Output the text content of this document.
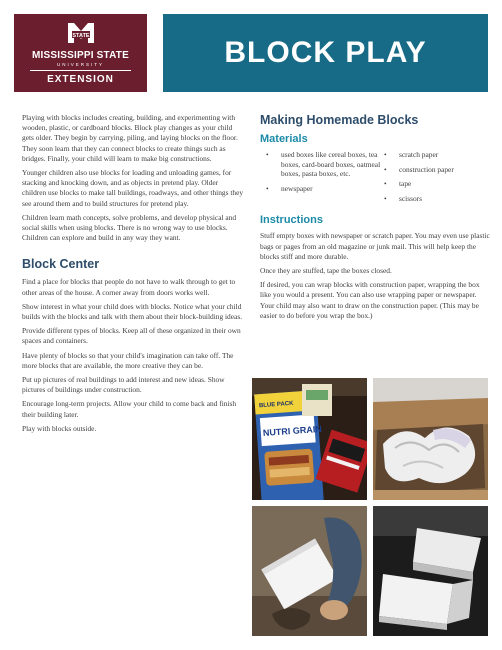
STATE
MISSISSIPPI STATE
UNIVERSITY
EXTENSION
BLOCK PLAY

Playing with blocks includes creating, building, and experimenting with wooden, plastic, or cardboard blocks. Block play changes as your child gets older. They begin by carrying, piling, and laying blocks on the floor. They soon learn that they can connect blocks to create things such as bridges. Finally, your child will learn to make big constructions.

Younger children also use blocks for loading and unloading games, for stacking and knocking down, and as objects in pretend play. Older children use blocks to make tall buildings, roadways, and other things they see around them and to build structures for pretend play.

Children learn math concepts, solve problems, and develop physical and social skills when using blocks. There is no wrong way to use blocks. Children can explore and build in any way they want.

Block Center

Find a place for blocks that people do not have to walk through to get to other areas of the house. A corner away from doors works well.

Show interest in what your child does with blocks. Notice what your child builds with the blocks and talk with them about their block-building ideas.

Provide different types of blocks. Keep all of these organized in their own spaces and containers.

Have plenty of blocks so that your child's imagination can take off. The more blocks that are available, the more creative they can be.

Put up pictures of real buildings to add interest and new ideas. Show pictures of buildings under construction.

Encourage long-term projects. Allow your child to come back and finish their building later.

Play with blocks outside.

Making Homemade Blocks
Materials
• used boxes like cereal boxes, tea boxes, card-board boxes, oatmeal boxes, pasta boxes, etc.
• newspaper
• scratch paper
• construction paper
• tape
• scissors
Instructions

Stuff empty boxes with newspaper or scratch paper. You may even use plastic bags or pages from an old magazine or junk mail. This will help keep the blocks stiff and more durable.

Once they are stuffed, tape the boxes closed.

If desired, you can wrap blocks with construction paper, wrapping the box like you would a present. You can also use wrapping paper or newspaper. Your child may also want to draw on the construction paper. (This may be easier to do before you wrap the box.)

BLUE PACK
NUTRI GRAIN
